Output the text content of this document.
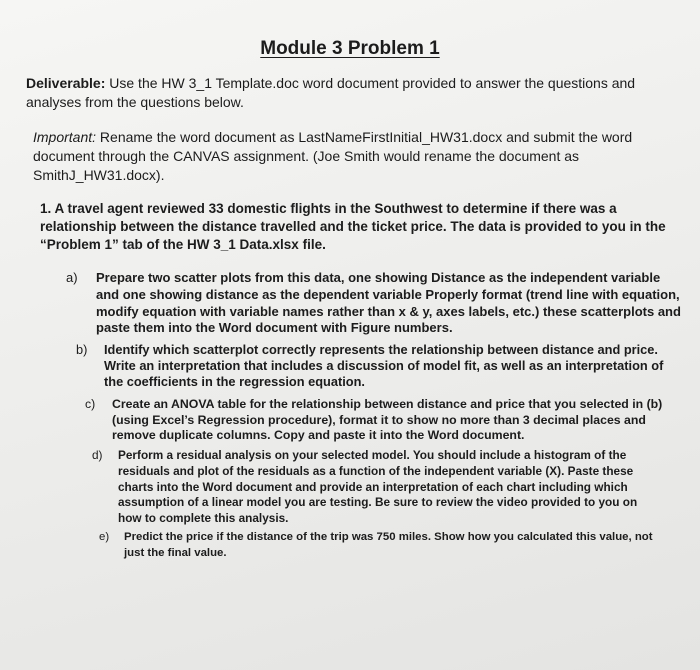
Module 3 Problem 1
Deliverable: Use the HW 3_1 Template.doc word document provided to answer the questions and analyses from the questions below.
Important: Rename the word document as LastNameFirstInitial_HW31.docx and submit the word document through the CANVAS assignment. (Joe Smith would rename the document as SmithJ_HW31.docx).
1. A travel agent reviewed 33 domestic flights in the Southwest to determine if there was a relationship between the distance travelled and the ticket price. The data is provided to you in the “Problem 1” tab of the HW 3_1 Data.xlsx file.
a) Prepare two scatter plots from this data, one showing Distance as the independent variable and one showing distance as the dependent variable Properly format (trend line with equation, modify equation with variable names rather than x & y, axes labels, etc.) these scatterplots and paste them into the Word document with Figure numbers.
b) Identify which scatterplot correctly represents the relationship between distance and price. Write an interpretation that includes a discussion of model fit, as well as an interpretation of the coefficients in the regression equation.
c) Create an ANOVA table for the relationship between distance and price that you selected in (b) (using Excel’s Regression procedure), format it to show no more than 3 decimal places and remove duplicate columns. Copy and paste it into the Word document.
d) Perform a residual analysis on your selected model. You should include a histogram of the residuals and plot of the residuals as a function of the independent variable (X). Paste these charts into the Word document and provide an interpretation of each chart including which assumption of a linear model you are testing. Be sure to review the video provided to you on how to complete this analysis.
e) Predict the price if the distance of the trip was 750 miles. Show how you calculated this value, not just the final value.
